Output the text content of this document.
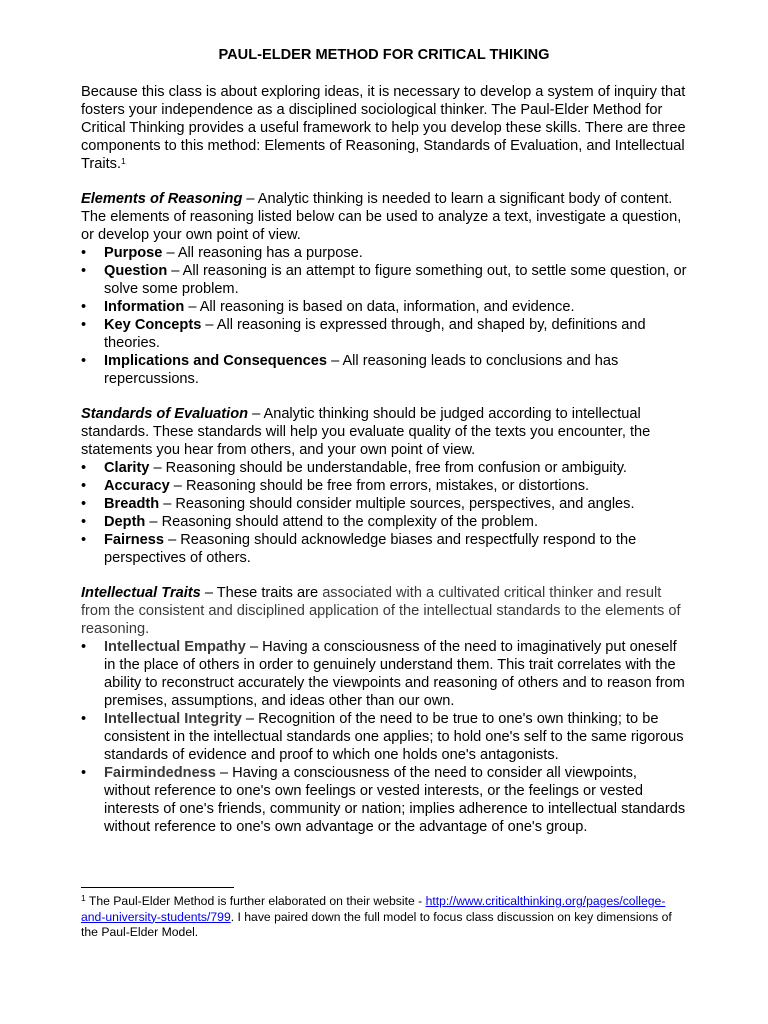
PAUL-ELDER METHOD FOR CRITICAL THIKING

Because this class is about exploring ideas, it is necessary to develop a system of inquiry that fosters your independence as a disciplined sociological thinker. The Paul-Elder Method for Critical Thinking provides a useful framework to help you develop these skills. There are three components to this method: Elements of Reasoning, Standards of Evaluation, and Intellectual Traits.$^1$

Elements of Reasoning – Analytic thinking is needed to learn a significant body of content. The elements of reasoning listed below can be used to analyze a text, investigate a question, or develop your own point of view.

• Purpose – All reasoning has a purpose.
• Question – All reasoning is an attempt to figure something out, to settle some question, or solve some problem.
• Information – All reasoning is based on data, information, and evidence.
• Key Concepts – All reasoning is expressed through, and shaped by, definitions and theories.
• Implications and Consequences – All reasoning leads to conclusions and has repercussions.

Standards of Evaluation – Analytic thinking should be judged according to intellectual standards. These standards will help you evaluate quality of the texts you encounter, the statements you hear from others, and your own point of view.

• Clarity – Reasoning should be understandable, free from confusion or ambiguity.
• Accuracy – Reasoning should be free from errors, mistakes, or distortions.
• Breadth – Reasoning should consider multiple sources, perspectives, and angles.
• Depth – Reasoning should attend to the complexity of the problem.
• Fairness – Reasoning should acknowledge biases and respectfully respond to the perspectives of others.

Intellectual Traits – These traits are associated with a cultivated critical thinker and result from the consistent and disciplined application of the intellectual standards to the elements of reasoning.

• Intellectual Empathy – Having a consciousness of the need to imaginatively put oneself in the place of others in order to genuinely understand them. This trait correlates with the ability to reconstruct accurately the viewpoints and reasoning of others and to reason from premises, assumptions, and ideas other than our own.
• Intellectual Integrity – Recognition of the need to be true to one's own thinking; to be consistent in the intellectual standards one applies; to hold one's self to the same rigorous standards of evidence and proof to which one holds one's antagonists.
• Fairmindedness – Having a consciousness of the need to consider all viewpoints, without reference to one's own feelings or vested interests, or the feelings or vested interests of one's friends, community or nation; implies adherence to intellectual standards without reference to one's own advantage or the advantage of one's group.

$^1$ The Paul-Elder Method is further elaborated on their website - http://www.criticalthinking.org/pages/college-and-university-students/799. I have paired down the full model to focus class discussion on key dimensions of the Paul-Elder Model.
